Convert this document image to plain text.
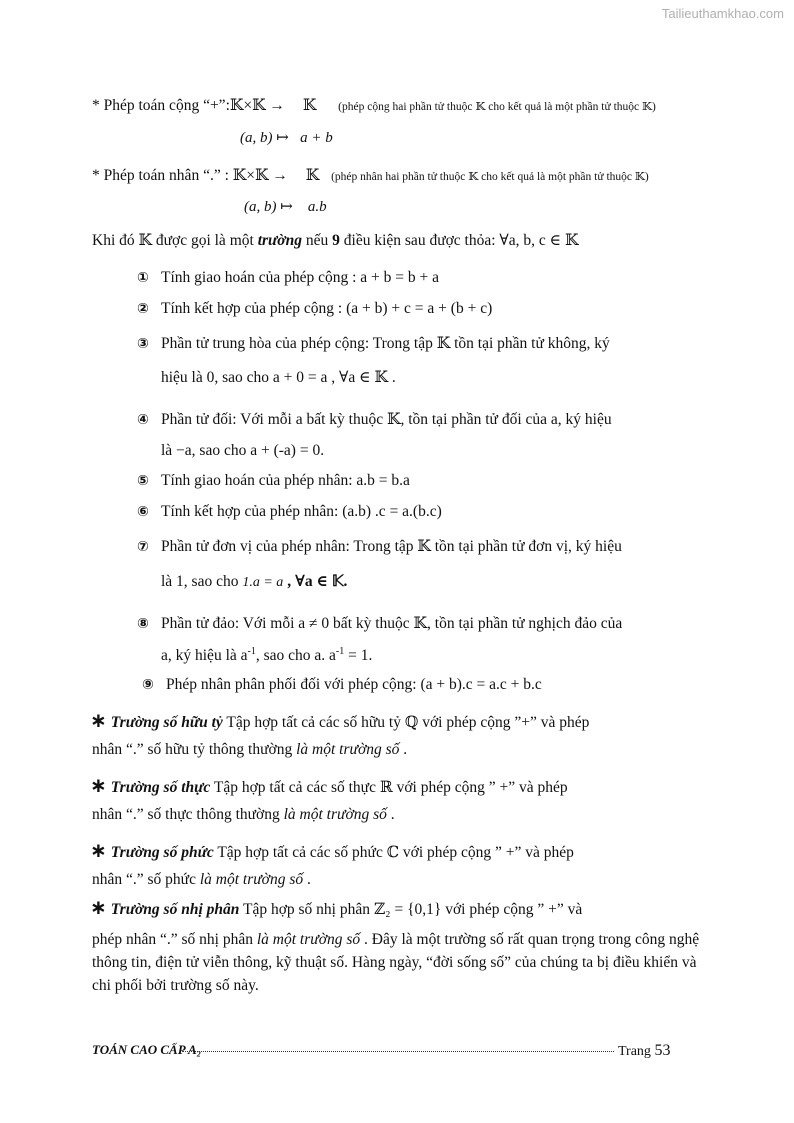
Tailieuthamkhao.com
* Phép toán cộng “+”:𝕂×𝕂 → 𝕂 (phép cộng hai phần tử thuộc 𝕂 cho kết quả là một phần tử thuộc 𝕂)
(a, b) ↦ a + b
* Phép toán nhân “.” : 𝕂×𝕂 → 𝕂 (phép nhân hai phần tử thuộc 𝕂 cho kết quả là một phần tử thuộc 𝕂)
(a, b) ↦ a.b
Khi đó 𝕂 được gọi là một trường nếu 9 điều kiện sau được thỏa: ∀a, b, c ∈ 𝕂
① Tính giao hoán của phép cộng : a + b = b + a
② Tính kết hợp của phép cộng : (a + b) + c = a + (b + c)
③ Phần tử trung hòa của phép cộng: Trong tập 𝕂 tồn tại phần tử không, ký
hiệu là 0, sao cho a + 0 = a , ∀a ∈ 𝕂 .
④ Phần tử đối: Với mỗi a bất kỳ thuộc 𝕂, tồn tại phần tử đối của a, ký hiệu
là −a, sao cho a + (-a) = 0.
⑤ Tính giao hoán của phép nhân: a.b = b.a
⑥ Tính kết hợp của phép nhân: (a.b) .c = a.(b.c)
⑦ Phần tử đơn vị của phép nhân: Trong tập 𝕂 tồn tại phần tử đơn vị, ký hiệu
là 1, sao cho 1.a = a , ∀a ∈ 𝕂.
⑧ Phần tử đảo: Với mỗi a ≠ 0 bất kỳ thuộc 𝕂, tồn tại phần tử nghịch đảo của
a, ký hiệu là $a^{-1}$, sao cho a. $a^{-1} = 1$.
⑨ Phép nhân phân phối đối với phép cộng: (a + b).c = a.c + b.c
∗ Trường số hữu tỷ Tập hợp tất cả các số hữu tỷ ℚ với phép cộng ”+” và phép
nhân “.” số hữu tỷ thông thường là một trường số .
∗ Trường số thực Tập hợp tất cả các số thực ℝ với phép cộng ” +” và phép
nhân “.” số thực thông thường là một trường số .
∗ Trường số phức Tập hợp tất cả các số phức ℂ với phép cộng ” +” và phép
nhân “.” số phức là một trường số .
∗ Trường số nhị phân Tập hợp số nhị phân ℤ₂ = {0,1} với phép cộng ” +” và
phép nhân “.” số nhị phân là một trường số . Đây là một trường số rất quan trọng trong công nghệ thông tin, điện tử viễn thông, kỹ thuật số. Hàng ngày, “đời sống số” của chúng ta bị điều khiển và chi phối bởi trường số này.
TOÁN CAO CẤP A₂	Trang 53
